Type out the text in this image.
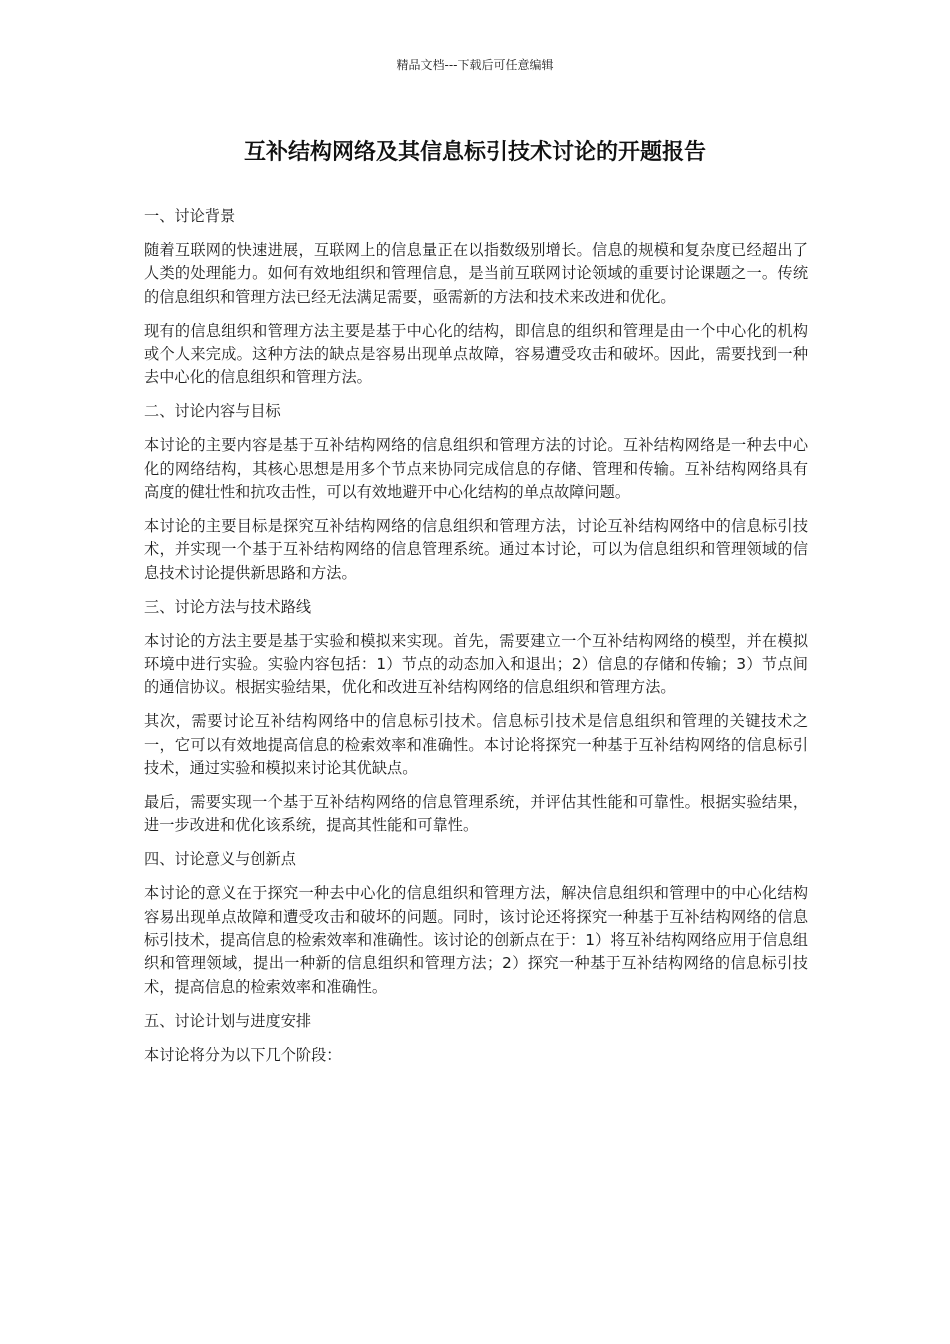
精品文档---下载后可任意编辑
互补结构网络及其信息标引技术讨论的开题报告

一、讨论背景

随着互联网的快速进展，互联网上的信息量正在以指数级别增长。信息的规模和复杂度已经超出了人类的处理能力。如何有效地组织和管理信息，是当前互联网讨论领域的重要讨论课题之一。传统的信息组织和管理方法已经无法满足需要，亟需新的方法和技术来改进和优化。

现有的信息组织和管理方法主要是基于中心化的结构，即信息的组织和管理是由一个中心化的机构或个人来完成。这种方法的缺点是容易出现单点故障，容易遭受攻击和破坏。因此，需要找到一种去中心化的信息组织和管理方法。

二、讨论内容与目标

本讨论的主要内容是基于互补结构网络的信息组织和管理方法的讨论。互补结构网络是一种去中心化的网络结构，其核心思想是用多个节点来协同完成信息的存储、管理和传输。互补结构网络具有高度的健壮性和抗攻击性，可以有效地避开中心化结构的单点故障问题。

本讨论的主要目标是探究互补结构网络的信息组织和管理方法，讨论互补结构网络中的信息标引技术，并实现一个基于互补结构网络的信息管理系统。通过本讨论，可以为信息组织和管理领域的信息技术讨论提供新思路和方法。

三、讨论方法与技术路线

本讨论的方法主要是基于实验和模拟来实现。首先，需要建立一个互补结构网络的模型，并在模拟环境中进行实验。实验内容包括：1）节点的动态加入和退出；2）信息的存储和传输；3）节点间的通信协议。根据实验结果，优化和改进互补结构网络的信息组织和管理方法。

其次，需要讨论互补结构网络中的信息标引技术。信息标引技术是信息组织和管理的关键技术之一，它可以有效地提高信息的检索效率和准确性。本讨论将探究一种基于互补结构网络的信息标引技术，通过实验和模拟来讨论其优缺点。

最后，需要实现一个基于互补结构网络的信息管理系统，并评估其性能和可靠性。根据实验结果，进一步改进和优化该系统，提高其性能和可靠性。

四、讨论意义与创新点

本讨论的意义在于探究一种去中心化的信息组织和管理方法，解决信息组织和管理中的中心化结构容易出现单点故障和遭受攻击和破坏的问题。同时，该讨论还将探究一种基于互补结构网络的信息标引技术，提高信息的检索效率和准确性。该讨论的创新点在于：1）将互补结构网络应用于信息组织和管理领域，提出一种新的信息组织和管理方法；2）探究一种基于互补结构网络的信息标引技术，提高信息的检索效率和准确性。

五、讨论计划与进度安排

本讨论将分为以下几个阶段：
